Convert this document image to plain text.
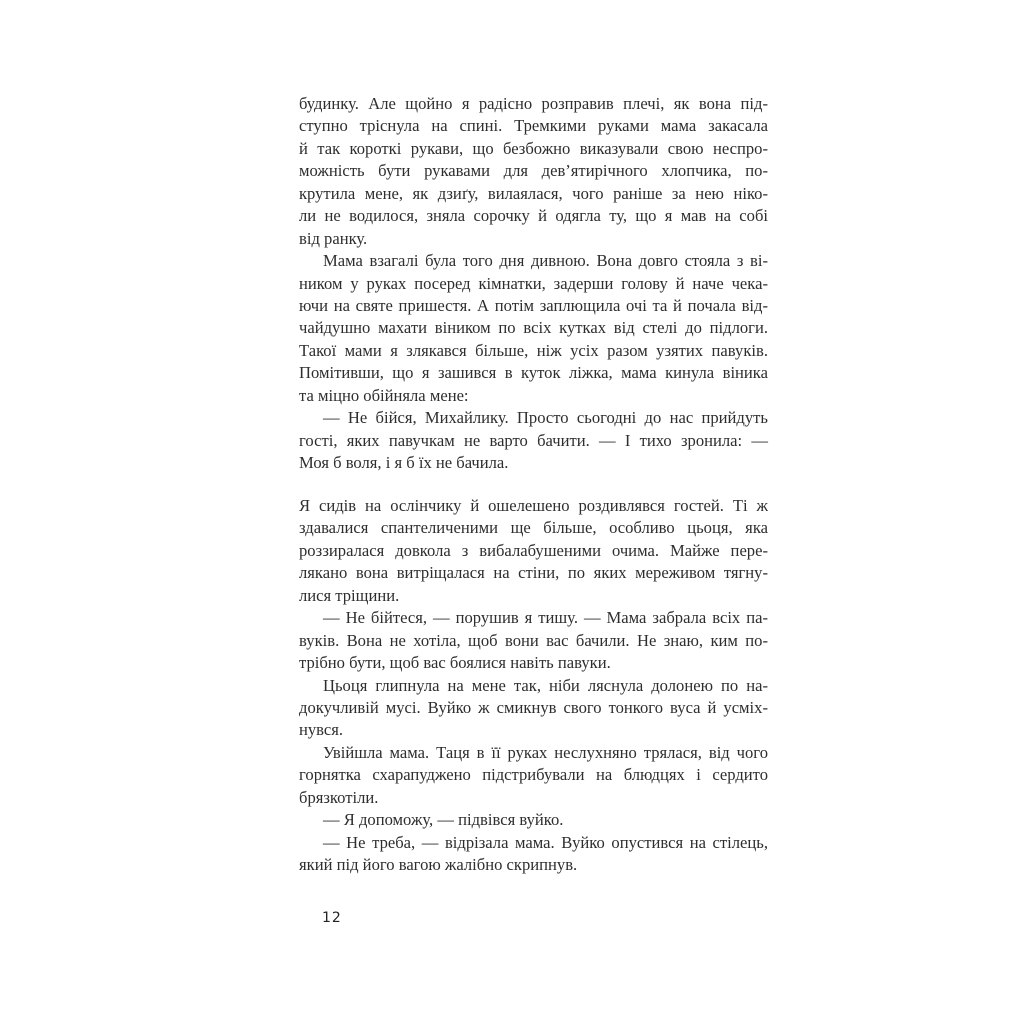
будинку. Але щойно я радісно розправив плечі, як вона під-
ступно тріснула на спині. Тремкими руками мама закасала
й так короткі рукави, що безбожно виказували свою неспро-
можність бути рукавами для дев’ятирічного хлопчика, по-
крутила мене, як дзиґу, вилаялася, чого раніше за нею ніко-
ли не водилося, зняла сорочку й одягла ту, що я мав на собі
від ранку.
Мама взагалі була того дня дивною. Вона довго стояла з ві-
ником у руках посеред кімнатки, задерши голову й наче чека-
ючи на святе пришестя. А потім заплющила очі та й почала від-
чайдушно махати віником по всіх кутках від стелі до підлоги.
Такої мами я злякався більше, ніж усіх разом узятих павуків.
Помітивши, що я зашився в куток ліжка, мама кинула віника
та міцно обійняла мене:
— Не бійся, Михайлику. Просто сьогодні до нас прийдуть
гості, яких павучкам не варто бачити. — І тихо зронила: —
Моя б воля, і я б їх не бачила.
Я сидів на ослінчику й ошелешено роздивлявся гостей. Ті ж
здавалися спантеличеними ще більше, особливо цьоця, яка
роззиралася довкола з вибалабушеними очима. Майже пере-
лякано вона витріщалася на стіни, по яких мереживом тягну-
лися тріщини.
— Не бійтеся, — порушив я тишу. — Мама забрала всіх па-
вуків. Вона не хотіла, щоб вони вас бачили. Не знаю, ким по-
трібно бути, щоб вас боялися навіть павуки.
Цьоця глипнула на мене так, ніби ляснула долонею по на-
докучливій мусі. Вуйко ж смикнув свого тонкого вуса й усміх-
нувся.
Увійшла мама. Таця в її руках неслухняно трялася, від чого
горнятка схарапуджено підстрибували на блюдцях і сердито
брязкотіли.
— Я допоможу, — підвівся вуйко.
— Не треба, — відрізала мама. Вуйко опустився на стілець,
який під його вагою жалібно скрипнув.
12
